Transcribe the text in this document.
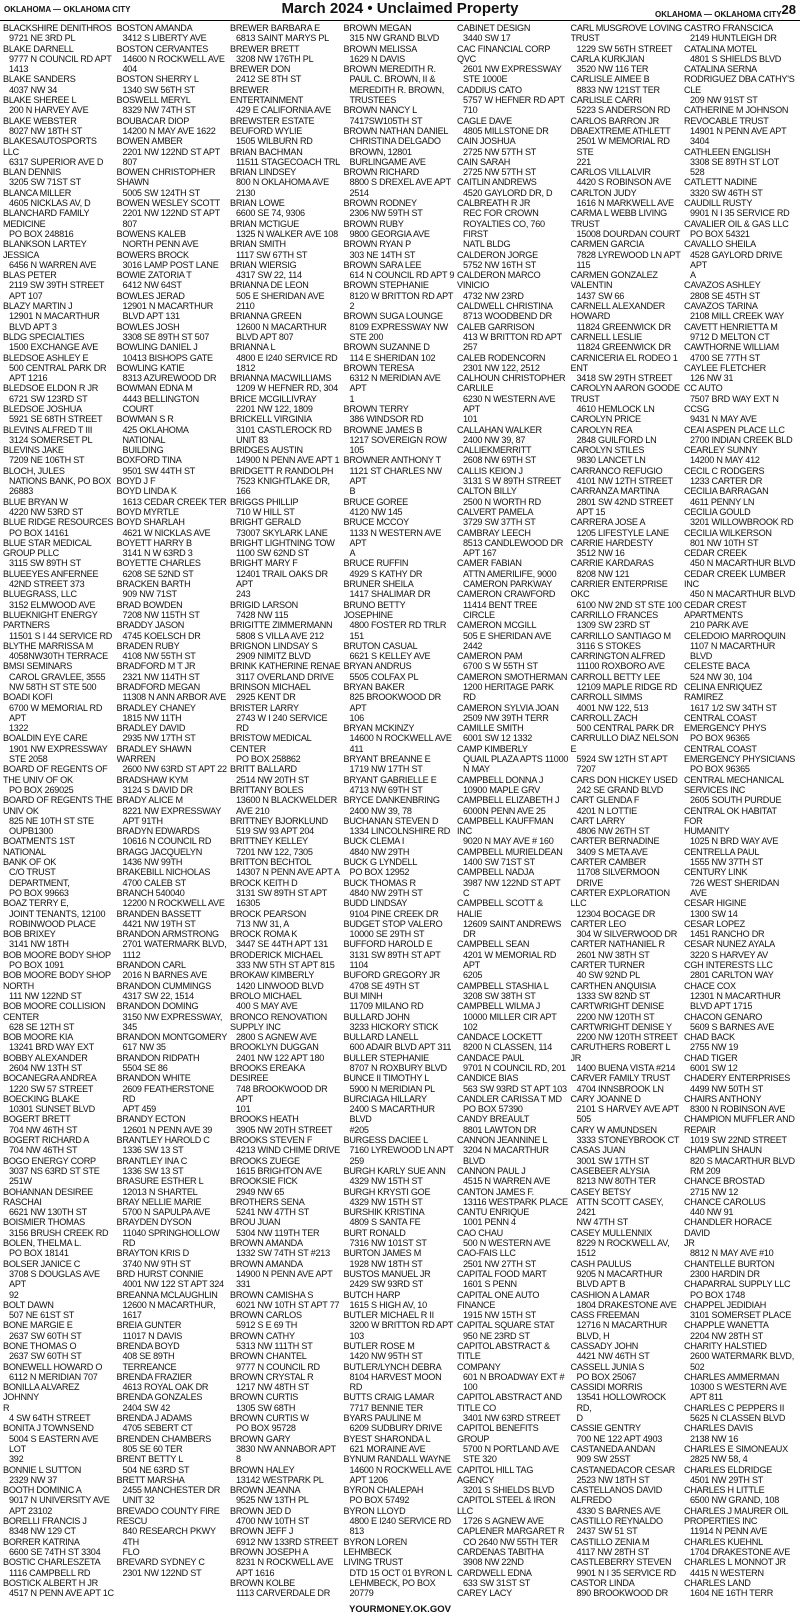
OKLAHOMA — OKLAHOMA CITY	March 2024 • Unclaimed Property	OKLAHOMA — OKLAHOMA CITY28
BLACKSHIRE DENITHROS
9721 NE 3RD PL
BLAKE DARNELL
9777 N COUNCIL RD APT
1413
BLAKE SANDERS
4037 NW 34
BLAKE SHEREE L
200 N HARVEY AVE
BLAKE WEBSTER
8027 NW 18TH ST
BLAKESAUTOSPORTS LLC
6317 SUPERIOR AVE D
BLAN DENNIS
3205 SW 71ST ST
BLANCA MILLER
4605 NICKLAS AV, D
BLANCHARD FAMILY
MEDICINE
PO BOX 248816
BLANKSON LARTEY
JESSICA
6456 N WARREN AVE
BLAS PETER
2119 SW 39TH STREET
APT 107
BLAZY MARTIN J
12901 N MACARTHUR
BLVD APT 3
BLDG SPECIALTIES
1500 EXCHANGE AVE
BLEDSOE ASHLEY E
500 CENTRAL PARK DR
APT 1216
BLEDSOE ELDON R JR
6721 SW 123RD ST
BLEDSOE JOSHUA
5921 SE 68TH STREET
BLEVINS ALFRED T III
3124 SOMERSET PL
BLEVINS JAKE
7209 NE 106TH ST
BLOCH, JULES
NATIONS BANK, PO BOX
26883
BLUE BRYAN W
4220 NW 53RD ST
BLUE RIDGE RESOURCES
PO BOX 14161
BLUE STAR MEDICAL
GROUP PLLC
3115 SW 89TH ST
BLUEEYES ANFERNEE
42ND STREET 373
BLUEGRASS, LLC
3152 ELMWOOD AVE
BLUEKNIGHT ENERGY
PARTNERS
11501 S I 44 SERVICE RD
BLYTHE MARRISSA M
4058NW30TH TERRACE
BMSI SEMINARS
CAROL GRAVLEE, 3555
NW 58TH ST STE 500
BOADI KOFI
6700 W MEMORIAL RD APT
1322
BOALDIN EYE CARE
1901 NW EXPRESSWAY
STE 2058
BOARD OF REGENTS OF
THE UNIV OF OK
PO BOX 269025
BOARD OF REGENTS THE
UNIV OK
825 NE 10TH ST STE
OUPB1300
BOATMENTS 1ST NATIONAL
BANK OF OK
C/O TRUST DEPARTMENT,
PO BOX 99663
BOAZ TERRY E,
JOINT TENANTS, 12100
ROBINWOOD PLACE
BOB BRIXEY
3141 NW 18TH
BOB MOORE BODY SHOP
PO BOX 1091
BOB MOORE BODY SHOP
NORTH
111 NW 122ND ST
BOB MOORE COLLISION
CENTER
628 SE 12TH ST
BOB MOORE KIA
13241 BRD WAY EXT
BOBBY ALEXANDER
2604 NW 13TH ST
BOCANEGRA ANDREA
1220 SW 57 STREET
BOECKING BLAKE
10301 SUNSET BLVD
BOGERT BRETT
704 NW 46TH ST
BOGERT RICHARD A
704 NW 46TH ST
BOGO ENERGY CORP
3037 NS 63RD ST STE
251W
BOHANNAN DESIREE
RASCHAI
6621 NW 130TH ST
BOISMIER THOMAS
3156 BRUSH CREEK RD
BOLEN, THELMA L.
PO BOX 18141
BOLSER JANICE C
3708 S DOUGLAS AVE APT
92
BOLT DAWN
507 NE 61ST ST
BONE MARGIE E
2637 SW 60TH ST
BONE THOMAS O
2637 SW 60TH ST
BONEWELL HOWARD O
6112 N MERIDIAN 707
BONILLA ALVAREZ JOHNNY
R
4 SW 64TH STREET
BONITA J TOWNSEND
5004 S EASTERN AVE LOT
392
BONNIE L SUTTON
2329 NW 37
BOOTH DOMINIC A
9017 N UNIVERSITY AVE
APT 23102
BORELLI FRANCIS J
8348 NW 129 CT
BORRER KATRINA
6600 SE 74TH ST 3304
BOSTIC CHARLESZETA
1116 CAMPBELL RD
BOSTICK ALBERT H JR
4517 N PENN AVE APT 1C
BOSTON AMANDA
3412 S LIBERTY AVE
BOSTON CERVANTES
14600 N ROCKWELL AVE
404
BOSTON SHERRY L
1340 SW 56TH ST
BOSWELL MERYL
8329 NW 74TH ST
BOUBACAR DIOP
14200 N MAY AVE 1622
BOWEN AMBER
2201 NW 122ND ST APT
807
BOWEN CHRISTOPHER
SHAWN
5005 SW 124TH ST
BOWEN WESLEY SCOTT
2201 NW 122ND ST APT
807
BOWENS KALEB
NORTH PENN AVE
BOWERS BROCK
3016 LAMP POST LANE
BOWIE ZATORIA T
6412 NW 64ST
BOWLES JERAD
12901 N MACARTHUR
BLVD APT 131
BOWLES JOSH
3308 SE 89TH ST 507
BOWLING DANIEL J
10413 BISHOPS GATE
BOWLING KATIE
8313 AZUREWOOD DR
BOWMAN EDNA M
4443 BELLINGTON COURT
BOWMAN S R
425 OKLAHOMA NATIONAL
BUILDING
BOXFORD TINA
9501 SW 44TH ST
BOYD J F
BOYD LINDA K
1613 CEDAR CREEK TER
BOYD MYRTLE
BOYD SHARLAH
4621 W NICKLAS AVE
BOYETT HARRY B
3141 N W 63RD 3
BOYETTE CHARLES
6208 SE 52ND ST
BRACKEN BARTH
909 NW 71ST
BRAD BOWDEN
7208 NW 115TH ST
BRADDY JASON
4745 KOELSCH DR
BRADEN RUBY
4108 NW 55TH ST
BRADFORD M T JR
2321 NW 114TH ST
BRADFORD MEGAN
11308 N ANN ARBOR AVE
BRADLEY CHANEY
1815 NW 11TH
BRADLEY DAVID
2935 NW 17TH ST
BRADLEY SHAWN WARREN
2600 NW 63RD ST APT 22
BRADSHAW KYM
3124 S DAVID DR
BRADY ALICE M
8221 NW EXPRESSWAY
APT 91TH
BRADYN EDWARDS
10616 N COUNCIL RD
BRAGG JACQUELYN
1436 NW 99TH
BRAKEBILL NICHOLAS
4700 CALEB ST
BRANCH 540040
12200 N ROCKWELL AVE
BRANDEN BASSETT
4421 NW 19TH ST
BRANDON ARMSTRONG
2701 WATERMARK BLVD,
1112
BRANDON CARL
2016 N BARNES AVE
BRANDON CUMMINGS
4317 SW 22, 1514
BRANDON DOMING
3150 NW EXPRESSWAY,
345
BRANDON MONTGOMERY
617 NW 35
BRANDON RIDPATH
5504 SE 86
BRANDON WHITE
2609 FEATHERSTONE RD
APT 459
BRANDY ECTON
12601 N PENN AVE 39
BRANTLEY HAROLD C
1336 SW 13 ST
BRANTLEY INA C
1336 SW 13 ST
BRASURE ESTHER L
12013 N SHARTEL
BRAY NELLIE MARIE
5700 N SAPULPA AVE
BRAYDEN DYSON
11040 SPRINGHOLLOW RD
BRAYTON KRIS D
3740 NW 9TH ST
BRD HURST CONNIE
4001 NW 122 ST APT 324
BREANNA MCLAUGHLIN
12600 N MACARTHUR,
1617
BREIA GUNTER
11017 N DAVIS
BRENDA BOYD
408 SE 89TH TERREANCE
BRENDA FRAZIER
4613 ROYAL OAK DR
BRENDA GONZALES
2404 SW 42
BRENDA J ADAMS
4705 SEBERT CT
BRENDEN CHAMBERS
805 SE 60 TER
BRENT BETTY L
504 NE 63RD ST
BRETT MARSHA
2455 MANCHESTER DR
UNIT 32
BREVADO COUNTY FIRE
RESCU
840 RESEARCH PKWY 4TH
FLO
BREVARD SYDNEY C
2301 NW 122ND ST
BREWER BARBARA E
6813 SAINT MARYS PL
BREWER BRETT
3208 NW 176TH PL
BREWER DON
2412 SE 8TH ST
BREWER ENTERTAINMENT
429 E CALIFORNIA AVE
BREWSTER ESTATE
BEUFORD WYLIE
1505 WILBURN RD
BRIAN BACHMAN
11511 STAGECOACH TRL
BRIAN LINDSEY
800 N OKLAHOMA AVE
2130
BRIAN LOWE
6600 SE 74, 9306
BRIAN MCTIGUE
1325 N WALKER AVE 108
BRIAN SMITH
1117 SW 67TH ST
BRIAN WIERSIG
4317 SW 22, 114
BRIANNA DE LEON
505 E SHERIDAN AVE 2110
BRIANNA GREEN
12600 N MACARTHUR
BLVD APT 807
BRIANNA L
4800 E I240 SERVICE RD
1812
BRIANNA MACWILLIAMS
1209 W HEFNER RD, 304
BRICE MCGILLIVRAY
2201 NW 122, 1809
BRICKELL VIRGINIA
3101 CASTLEROCK RD
UNIT 83
BRIDGES AUSTIN
14900 N PENN AVE APT 1
BRIDGETT R RANDOLPH
7523 KNIGHTLAKE DR, 166
BRIGGS PHILLIP
710 W HILL ST
BRIGHT GERALD
73007 SKYLARK LANE
BRIGHT LIGHTNING TOW
1100 SW 62ND ST
BRIGHT MARY F
12401 TRAIL OAKS DR APT
243
BRIGID LARSON
7428 NW 115
BRIGITTE ZIMMERMANN
5808 S VILLA AVE 212
BRIGNON LINDSAY S
2909 NIMITZ BLVD
BRINK KATHERINE RENAE
3117 OVERLAND DRIVE
BRINSON MICHAEL
2925 KENT DR
BRISTER LARRY
2743 W I 240 SERVICE RD
BRISTOW MEDICAL CENTER
PO BOX 258862
BRITT BALLARD
2514 NW 20TH ST
BRITTANY BOLES
13600 N BLACKWELDER
AVE 210
BRITTNEY BJORKLUND
519 SW 93 APT 204
BRITTNEY KELLEY
7201 NW 122, 7305
BRITTON BECHTOL
14307 N PENN AVE APT A
BROCK KEITH D
3131 SW 89TH ST APT
16305
BROCK PEARSON
713 NW 31, A
BROCK ROMA K
3447 SE 44TH APT 131
BRODERICK MICHAEL
333 NW 5TH ST APT 815
BROKAW KIMBERLY
1420 LINWOOD BLVD
BROLO MICHAEL
400 S MAY AVE
BRONCO RENOVATION
SUPPLY INC
2800 S AGNEW AVE
BROOKLYN DUGGAN
2401 NW 122 APT 180
BROOKS EREAKA DESIREE
748 BROOKWOOD DR APT
101
BROOKS HEATH
3905 NW 20TH STREET
BROOKS STEVEN F
4213 WIND CHIME DRIVE
BROOKS ZUEGE
1615 BRIGHTON AVE
BROOKSIE FICK
2949 NW 65
BROTHERS SENA
5241 NW 47TH ST
BROU JUAN
5304 NW 119TH TER
BROWN AMANDA
1332 SW 74TH ST #213
BROWN AMANDA
14900 N PENN AVE APT
331
BROWN CAMISHA S
6021 NW 10TH ST APT 77
BROWN CARLOS
5912 S E 69 TH
BROWN CATHY
5313 NW 111TH ST
BROWN CHANTEL
9777 N COUNCIL RD
BROWN CRYSTAL R
1217 NW 48TH ST
BROWN CURTIS
1305 SW 68TH
BROWN CURTIS W
PO BOX 95728
BROWN GARY
3830 NW ANNABOR APT 8
BROWN HALEY
13142 WESTPARK PL
BROWN JEANNA
9525 NW 13TH PL
BROWN JED D
4700 NW 10TH ST
BROWN JEFF J
6912 NW 133RD STREET
BROWN JOSEPH A
8231 N ROCKWELL AVE
APT 1616
BROWN KOLBE
1113 CARVERDALE DR
BROWN MEGAN
315 NW GRAND BLVD
BROWN MELISSA
1629 N DAVIS
BROWN MEREDITH R.
PAUL C. BROWN, II &
MEREDITH R. BROWN,
TRUSTEES
BROWN NANCY L
7417SW105TH ST
BROWN NATHAN DANIEL
CHRISTINA DELGADO
BROWN, 12801
BURLINGAME AVE
BROWN RICHARD
8800 S DREXEL AVE APT
2514
BROWN RODNEY
2306 NW 59TH ST
BROWN RUBY
9800 GEORGIA AVE
BROWN RYAN P
303 NE 14TH ST
BROWN SARA LEE
614 N COUNCIL RD APT 9
BROWN STEPHANIE
8120 W BRITTON RD APT 2
BROWN SUGA LOUNGE
8109 EXPRESSWAY NW
STE 200
BROWN SUZANNE D
114 E SHERIDAN 102
BROWN TERESA
6312 N MERIDIAN AVE APT
1
BROWN TERRY
386 WINDSOR RD
BROWNE JAMES B
1217 SOVEREIGN ROW
105
BROWNER ANTHONY T
1121 ST CHARLES NW APT
B
BRUCE GOREE
4120 NW 145
BRUCE MCCOY
1133 N WESTERN AVE APT
A
BRUCE RUFFIN
4929 S KATHY DR
BRUNER SHEILA
1417 SHALIMAR DR
BRUNO BETTY JOSEPHINE
4800 FOSTER RD TRLR
151
BRUTON CASUAL
6621 S KELLEY AVE
BRYAN ANDRUS
5505 COLFAX PL
BRYAN BAKER
825 BROOKWOOD DR APT
106
BRYAN MCKINZY
14600 N ROCKWELL AVE
411
BRYANT BREANNE E
1719 NW 17TH ST
BRYANT GABRIELLE E
4713 NW 69TH ST
BRYCE DANKENBRING
2400 NW 39, 78
BUCHANAN STEVEN D
1334 LINCOLNSHIRE RD
BUCK CLEMA I
4840 NW 29TH
BUCK G LYNDELL
PO BOX 12952
BUCK THOMAS R
4840 NW 29TH ST
BUDD LINDSAY
9104 PINE CREEK DR
BUDGET STOP VALERO
10000 SE 29TH ST
BUFFORD HAROLD E
3131 SW 89TH ST APT 1104
BUFORD GREGORY JR
4708 SE 49TH ST
BUI MINH
11709 MILANO RD
BULLARD JOHN
3233 HICKORY STICK
BULLARD LANELL
600 ADAIR BLVD APT 311
BULLER STEPHANIE
8707 N ROXBURY BLVD
BUNCE II TIMOTHY L
5900 N MERIDIAN PL
BURCIAGA HILLARY
2400 S MACARTHUR BLVD
#205
BURGESS DACIEE L
7160 LYREWOOD LN APT
259
BURGH KARLY SUE ANN
4329 NW 15TH ST
BURGH KRYSTI GOE
4329 NW 15TH ST
BURSHIK KRISTINA
4809 S SANTA FE
BURT RONALD
7316 NW 101ST ST
BURTON JAMES M
1928 NW 18TH ST
BUSTOS MANUEL JR
2429 SW 93RD ST
BUTCH HARP
1615 S HIGH AV, 10
BUTLER MICHAEL R II
3200 W BRITTON RD APT
103
BUTLER ROSE M
1420 NW 95TH ST
BUTLER/LYNCH DEBRA
8104 HARVEST MOON RD
BUTTS CRAIG LAMAR
7717 BENNIE TER
BYARS PAULINE M
6209 SUDBURY DRIVE
BYEST SHARONDA L
621 MORAINE AVE
BYNUM RANDALL WAYNE
14600 N ROCKWELL AVE
APT 1206
BYRON CHALEPAH
PO BOX 57492
BYRON LLOYD
4800 E I240 SERVICE RD
813
BYRON LOREN LEHMBECK
LIVING TRUST
DTD 15 OCT 01 BYRON L
LEHMBECK, PO BOX 20779
CABINET DESIGN
3440 SW 17
CAC FINANCIAL CORP QVC
2601 NW EXPRESSWAY
STE 1000E
CADDIUS CATO
5757 W HEFNER RD APT
710
CAGLE DAVE
4805 MILLSTONE DR
CAIN JOSHUA
2725 NW 57TH ST
CAIN SARAH
2725 NW 57TH ST
CAITLIN ANDREWS
4520 GAYLORD DR, D
CALBREATH R JR
REC FOR CROWN
ROYALTIES CO, 760 FIRST
NATL BLDG
CALDERON JORGE
5752 NW 16TH ST
CALDERON MARCO VINICIO
4732 NW 23RD
CALDWELL CHRISTINA
8713 WOODBEND DR
CALEB GARRISON
413 W BRITTON RD APT
257
CALEB RODENCORN
2301 NW 122, 2512
CALHOUN CHRISTOPHER
CARLILE
6230 N WESTERN AVE APT
101
CALLAHAN WALKER
2400 NW 39, 87
CALLIEKMERRITT
2608 NW 69TH ST
CALLIS KEION J
3131 S W 89TH STREET
CALTON BILLY
2500 N WORTH RD
CALVERT PAMELA
3729 SW 37TH ST
CAMBRAY LEECH
8513 CANDLEWOOD DR
APT 167
CAMER FABIAN
ATTN AMERILIFE, 9000
CAMERON PARKWAY
CAMERON CRAWFORD
11414 BENT TREE CIRCLE
CAMERON MCGILL
505 E SHERIDAN AVE 2442
CAMERON PAM
6700 S W 55TH ST
CAMERON SMOTHERMAN
1200 HERITAGE PARK RD
CAMERON SYLVIA JOAN
2509 NW 39TH TERR
CAMILLE SMITH
6001 SW 12 1332
CAMP KIMBERLY
QUAIL PLAZA APTS 11000
N MAY
CAMPBELL DONNA J
10900 MAPLE GRV
CAMPBELL ELIZABETH J
6000N PENN AVE 25
CAMPBELL KAUFFMAN INC
9020 N MAY AVE # 160
CAMPBELL MURIELDEAN
1400 SW 71ST ST
CAMPBELL NADJA
3987 NW 122ND ST APT C
CAMPBELL SCOTT & HALIE
12609 SAINT ANDREWS
DR
CAMPBELL SEAN
4201 W MEMORIAL RD APT
6205
CAMPBELL STASHIA L
3208 SW 38TH ST
CAMPBELL WILMA J
10000 MILLER CIR APT 102
CANDACE LOCKETT
8200 N CLASSEN, 114
CANDACE PAUL
9701 N COUNCIL RD, 201
CANDICE BIAS
563 SW 93RD ST APT 103
CANDLER CARISSA T MD
PO BOX 57390
CANDY BREAULT
8801 LAWTON DR
CANNON JEANNINE L
3204 N MACARTHUR BLVD
CANNON PAUL J
4515 N WARREN AVE
CANTON JAMES F.
13116 WESTPARK PLACE
CANTU ENRIQUE
1001 PENN 4
CAO CHAU
500 N WESTERN AVE
CAO-FAIS LLC
2501 NW 27TH ST
CAPITAL FOOD MART
1601 S PENN
CAPITAL ONE AUTO
FINANCE
1915 NW 15TH ST
CAPITAL SQUARE STAT
950 NE 23RD ST
CAPITOL ABSTRACT & TITLE
COMPANY
601 N BROADWAY EXT #
100
CAPITOL ABSTRACT AND
TITLE CO
3401 NW 63RD STREET
CAPITOL BENEFITS GROUP
5700 N PORTLAND AVE
STE 320
CAPITOL HILL TAG AGENCY
3201 S SHIELDS BLVD
CAPITOL STEEL & IRON LLC
1726 S AGNEW AVE
CAPLENER MARGARET R
CO 2640 NW 55TH TER
CARDENAS TABITHA
3908 NW 22ND
CARDWELL EDNA
633 SW 31ST ST
CAREY LACY
CARL MUSGROVE LOVING
TRUST
1229 SW 56TH STREET
CARLA KURKJIAN
3520 NW 116 TER
CARLISLE AIMEE B
8833 NW 121ST TER
CARLISLE CARRI
5223 S ANDERSON RD
CARLOS BARRON JR
DBAEXTREME ATHLETT
2501 W MEMORIAL RD STE
221
CARLOS VILLALVIR
4420 S ROBINSON AVE
CARLTON JUDY
1616 N MARKWELL AVE
CARMA L WEBB LIVING
TRUST
15008 DOURDAN COURT
CARMEN GARCIA
7828 LYREWOOD LN APT
115
CARMEN GONZALEZ
VALENTIN
1437 SW 66
CARNELL ALEXANDER
HOWARD
11824 GREENWICK DR
CARNELL LESLIE
11824 GREENWICK DR
CARNICERIA EL RODEO 1
ENT
3418 SW 29TH STREET
CAROLYN AARON GOODE
TRUST
4610 HEMLOCK LN
CAROLYN PRICE
CAROLYN REA
2848 GUILFORD LN
CAROLYN STILES
9830 LANCET LN
CARRANCO REFUGIO
4101 NW 12TH STREET
CARRANZA MARTINA
2801 SW 42ND STREET
APT 15
CARRERA JOSE A
1205 LIFESTYLE LANE
CARRIE HARDESTY
3512 NW 16
CARRIE KARDARAS
8208 NW 121
CARRIER ENTERPRISE OKC
6100 NW 2ND ST STE 100
CARRILLO FRANCES
1309 SW 23RD ST
CARRILLO SANTIAGO M
3116 S STOKES
CARRINGTON ALFRED
11100 ROXBORO AVE
CARROLL BETTY LEE
12109 MAPLE RIDGE RD
CARROLL SIMMS
4001 NW 122, 513
CARROLL ZACH
500 CENTRAL PARK DR
CARRULLO DIAZ NELSON E
5924 SW 12TH ST APT 7207
CARS DON HICKEY USED
242 SE GRAND BLVD
CART GLENDA F
4201 N LOTTIE
CART LARRY
4806 NW 26TH ST
CARTER BERNADINE
3409 S META AVE
CARTER CAMBER
11708 SILVERMOON DRIVE
CARTER EXPLORATION LLC
12304 BOCAGE DR
CARTER LEO
304 W SILVERWOOD DR
CARTER NATHANIEL R
2601 NW 38TH ST
CARTER TURNER
40 SW 92ND PL
CARTHEN ANQUISIA
1333 SW 82ND ST
CARTWRIGHT DENISE
2200 NW 120TH ST
CARTWRIGHT DENISE Y
2200 NW 120TH STREET
CARUTHERS ROBERT L JR
1400 BUENA VISTA #214
CARVER FAMILY TRUST
4704 INNSBROOK LN
CARY JOANNE D
2101 S HARVEY AVE APT
505
CARY W AMUNDSEN
3333 STONEYBROOK CT
CASAS JUAN
3001 SW 17TH ST
CASEBEER ALYSIA
8213 NW 80TH TER
CASEY BETSY
ATTN SCOTT CASEY, 2421
NW 47TH ST
CASEY MULLENNIX
8229 N ROCKWELL AV,
1512
CASH PAULUS
9205 N MACARTHUR
BLVD APT B
CASHION A LAMAR
1804 DRAKESTONE AVE
CASS FREEMAN
12716 N MACARTHUR
BLVD, H
CASSADY JOHN
4421 NW 46TH ST
CASSELL JUNIA S
PO BOX 25067
CASSIDI MORRIS
13541 HOLLOWROCK RD,
D
CASSIE GENTRY
700 NE 122 APT 4903
CASTANEDA ANDAN
909 SW 25ST
CASTANEDACOR CESAR
2523 NW 18TH ST
CASTELLANOS DAVID
ALFREDO
4330 S BARNES AVE
CASTILLO REYNALDO
2437 SW 51 ST
CASTILLO ZENIA M
4117 NW 28TH ST
CASTLEBERRY STEVEN
9901 N I 35 SERVICE RD
CASTOR LINDA
890 BROOKWOOD DR
CASTRO FRANSCICA
2149 HUNTLEIGH DR
CATALINA MOTEL
4801 S SHIELDS BLVD
CATALINA SERNA
RODRIGUEZ DBA CATHY'S
CLE
209 NW 91ST ST
CATHERINE M JOHNSON
REVOCABLE TRUST
14901 N PENN AVE APT
3404
CATHLEEN ENGLISH
3308 SE 89TH ST LOT 528
CATLETT NADINE
3320 SW 46TH ST
CAUDILL RUSTY
9901 N I 35 SERVICE RD
CAVALIER OIL & GAS LLC
PO BOX 54321
CAVALLO SHEILA
4528 GAYLORD DRIVE APT
A
CAVAZOS ASHLEY
2808 SE 45TH ST
CAVAZOS TARINA
2108 MILL CREEK WAY
CAVETT HENRIETTA M
9712 D MELTON CT
CAWTHORNE WILLIAM
4700 SE 77TH ST
CAYLEE FLETCHER
126 NW 31
CC AUTO
7507 BRD WAY EXT N
CCSG
9431 N MAY AVE
CEAI ASPEN PLACE LLC
2700 INDIAN CREEK BLD
CEARLEY SUNNY
14200 N MAY 412
CECIL C RODGERS
1233 CARTER DR
CECILIA BARRAGAN
4611 PENNY LN
CECILIA GOULD
3201 WILLOWBROOK RD
CECILIA WILKERSON
801 NW 10TH ST
CEDAR CREEK
450 N MACARTHUR BLVD
CEDAR CREEK LUMBER INC
450 N MACARTHUR BLVD
CEDAR CREST
APARTMENTS
210 PARK AVE
CELEDOIO MARROQUIN
1107 N MACARTHUR BLVD
CELESTE BACA
524 NW 30, 104
CELINA ENRIQUEZ
RAMIREZ
1617 1/2 SW 34TH ST
CENTRAL COAST
EMERGENCY PHYS
PO BOX 96365
CENTRAL COAST
EMERGENCY PHYSICIANS
PO BOX 96365
CENTRAL MECHANICAL
SERVICES INC
2605 SOUTH PURDUE
CENTRAL OK HABITAT FOR
HUMANITY
1025 N BRD WAY AVE
CENTRELLA PAUL
1555 NW 37TH ST
CENTURY LINK
726 WEST SHERIDAN AVE
CESAR HIGINE
1300 SW 14
CESAR LOPEZ
1451 RANCHO DR
CESAR NUNEZ AYALA
3220 S HARVEY AV
CGH INTERESTS LLC
2801 CARLTON WAY
CHACE COX
12301 N MACARTHUR
BLVD APT 1715
CHACON GENARO
5609 S BARNES AVE
CHAD BACK
2755 NW 19
CHAD TIGER
6001 SW 12
CHADERY ENTERPRISES
4499 NW 50TH ST
CHAIRS ANTHONY
8300 N ROBINSON AVE
CHAMPION MUFFLER AND
REPAIR
1019 SW 22ND STREET
CHAMPLIN SHAUN
820 S MACARTHUR BLVD
RM 209
CHANCE BROSTAD
2715 NW 12
CHANCE CAROLUS
440 NW 91
CHANDLER HORACE DAVID
JR
8812 N MAY AVE #10
CHANTELLE BURTON
2300 HARDIN DR
CHAPARRAL SUPPLY LLC
PO BOX 1748
CHAPPEL JEDIDIAH
3101 SOMERSET PLACE
CHAPPLE WANETTA
2204 NW 28TH ST
CHARITY HALSTIED
2600 WATERMARK BLVD,
502
CHARLES AMMERMAN
10300 S WESTERN AVE
APT 811
CHARLES C PEPPERS II
5625 N CLASSEN BLVD
CHARLES DAVIS
2138 NW 16
CHARLES E SIMONEAUX
2825 NW 58, 4
CHARLES ELDRIDGE
4501 NW 29TH ST
CHARLES H LITTLE
6500 NW GRAND, 108
CHARLES J MAURER OIL
PROPERTIES INC
11914 N PENN AVE
CHARLES KUEHNL
1704 DRAKESTONE AVE
CHARLES L MONNOT JR
4415 N WESTERN
CHARLES LAND
1604 NE 16TH TERR
YOURMONEY.OK.GOV
